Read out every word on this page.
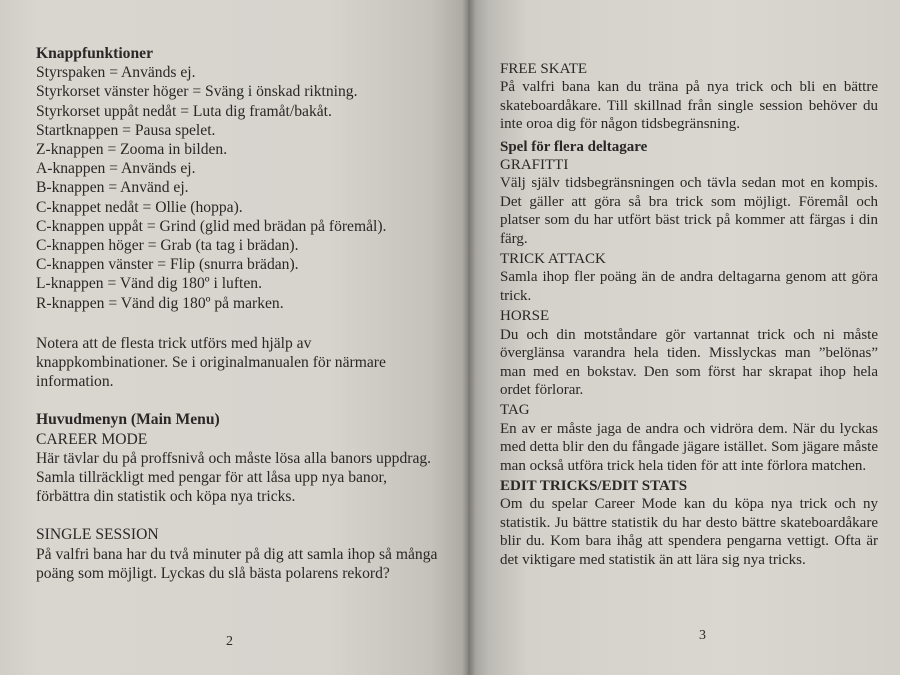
Knappfunktioner
Styrspaken = Används ej.
Styrkorset vänster höger = Sväng i önskad riktning.
Styrkorset uppåt nedåt = Luta dig framåt/bakåt.
Startknappen = Pausa spelet.
Z-knappen = Zooma in bilden.
A-knappen = Används ej.
B-knappen = Använd ej.
C-knappet nedåt = Ollie (hoppa).
C-knappen uppåt = Grind (glid med brädan på föremål).
C-knappen höger = Grab (ta tag i brädan).
C-knappen vänster = Flip (snurra brädan).
L-knappen = Vänd dig 180º i luften.
R-knappen = Vänd dig 180º på marken.

Notera att de flesta trick utförs med hjälp av knappkombinationer. Se i originalmanualen för närmare information.

Huvudmenyn (Main Menu)
CAREER MODE

Här tävlar du på proffsnivå och måste lösa alla banors uppdrag. Samla tillräckligt med pengar för att låsa upp nya banor, förbättra din statistik och köpa nya tricks.

SINGLE SESSION

På valfri bana har du två minuter på dig att samla ihop så många poäng som möjligt. Lyckas du slå bästa polarens rekord?

2
FREE SKATE

På valfri bana kan du träna på nya trick och bli en bättre skateboardåkare. Till skillnad från single session behöver du inte oroa dig för någon tidsbegränsning.

Spel för flera deltagare
GRAFITTI

Välj själv tidsbegränsningen och tävla sedan mot en kompis. Det gäller att göra så bra trick som möjligt. Föremål och platser som du har utfört bäst trick på kommer att färgas i din färg.

TRICK ATTACK

Samla ihop fler poäng än de andra deltagarna genom att göra trick.

HORSE

Du och din motståndare gör vartannat trick och ni måste överglänsa varandra hela tiden. Misslyckas man ”belönas” man med en bokstav. Den som först har skrapat ihop hela ordet förlorar.

TAG

En av er måste jaga de andra och vidröra dem. När du lyckas med detta blir den du fångade jägare istället. Som jägare måste man också utföra trick hela tiden för att inte förlora matchen.

EDIT TRICKS/EDIT STATS

Om du spelar Career Mode kan du köpa nya trick och ny statistik. Ju bättre statistik du har desto bättre skateboardåkare blir du. Kom bara ihåg att spendera pengarna vettigt. Ofta är det viktigare med statistik än att lära sig nya tricks.

3
